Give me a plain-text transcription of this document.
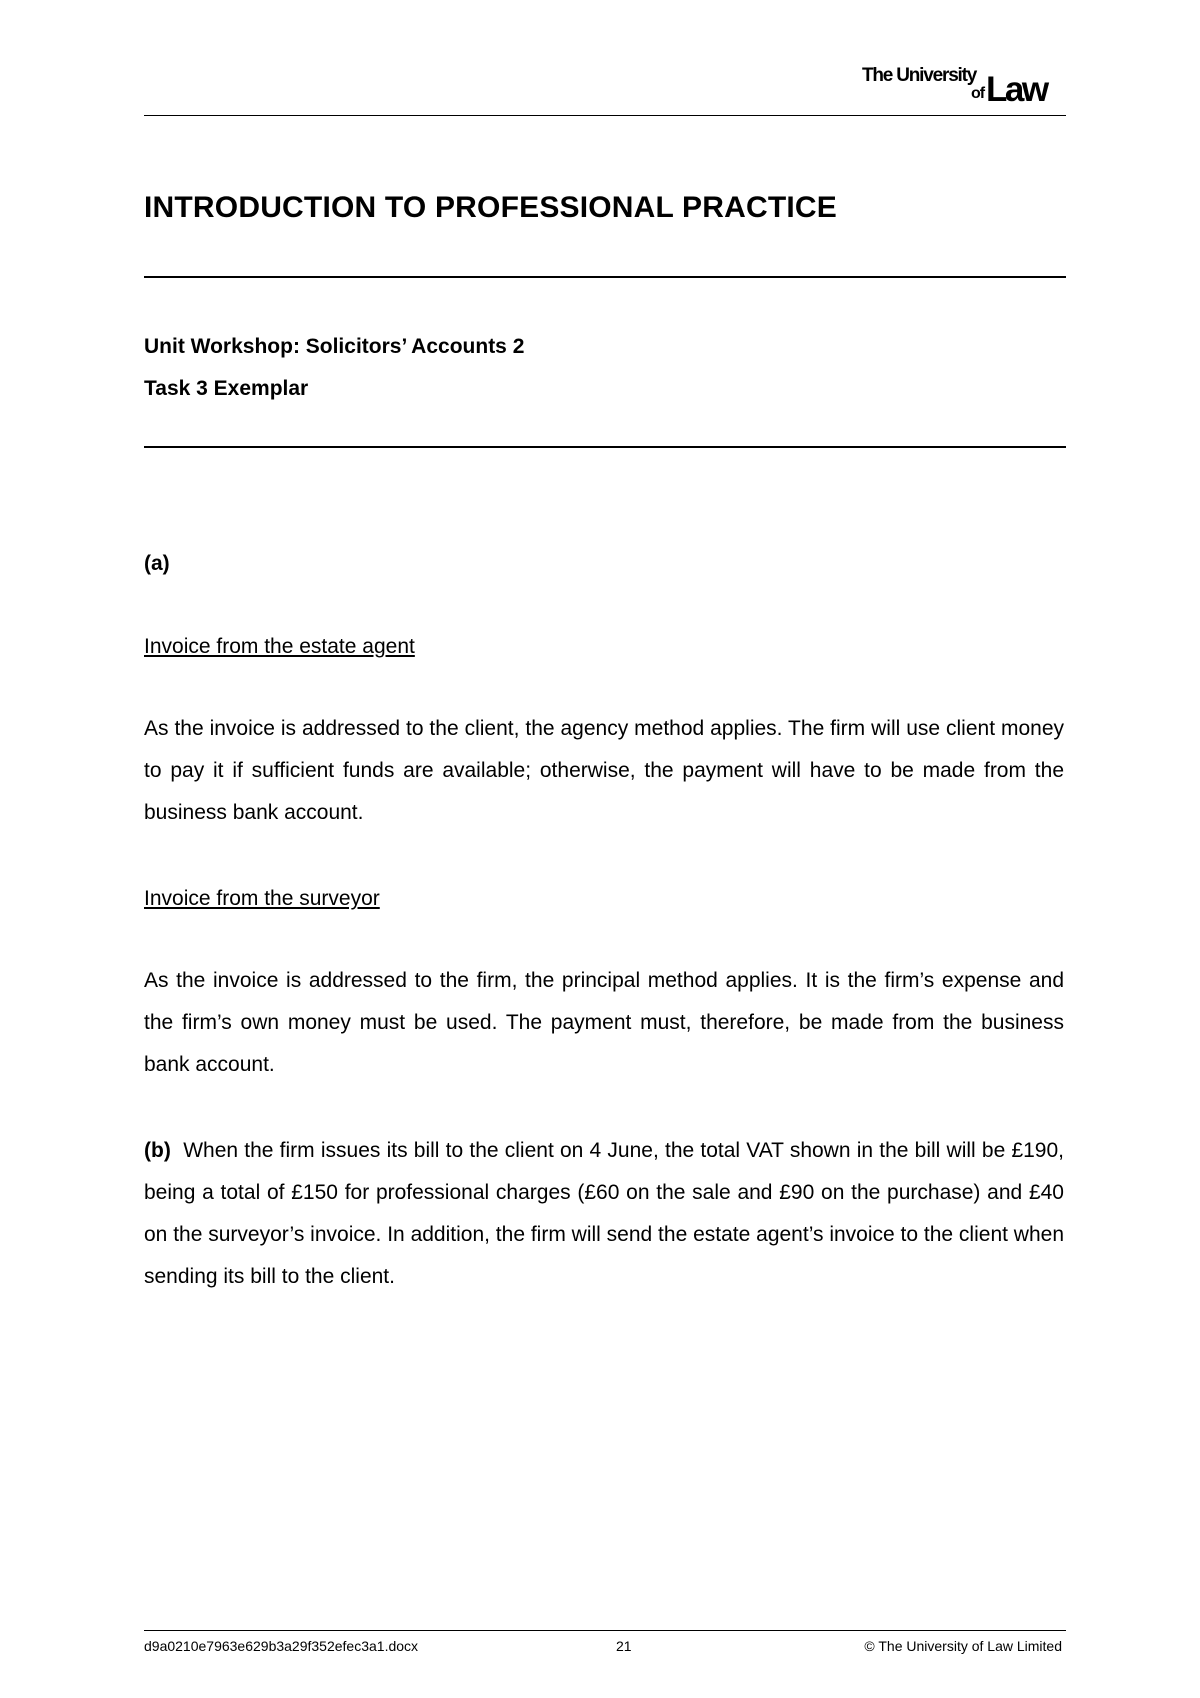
The University
of Law
INTRODUCTION TO PROFESSIONAL PRACTICE
Unit Workshop: Solicitors’ Accounts 2
Task 3 Exemplar
(a)
Invoice from the estate agent
As the invoice is addressed to the client, the agency method applies. The firm will use client money to pay it if sufficient funds are available; otherwise, the payment will have to be made from the business bank account.
Invoice from the surveyor
As the invoice is addressed to the firm, the principal method applies. It is the firm’s expense and the firm’s own money must be used. The payment must, therefore, be made from the business bank account.
(b) When the firm issues its bill to the client on 4 June, the total VAT shown in the bill will be £190, being a total of £150 for professional charges (£60 on the sale and £90 on the purchase) and £40 on the surveyor’s invoice. In addition, the firm will send the estate agent’s invoice to the client when sending its bill to the client.
d9a0210e7963e629b3a29f352efec3a1.docx	21	© The University of Law Limited
